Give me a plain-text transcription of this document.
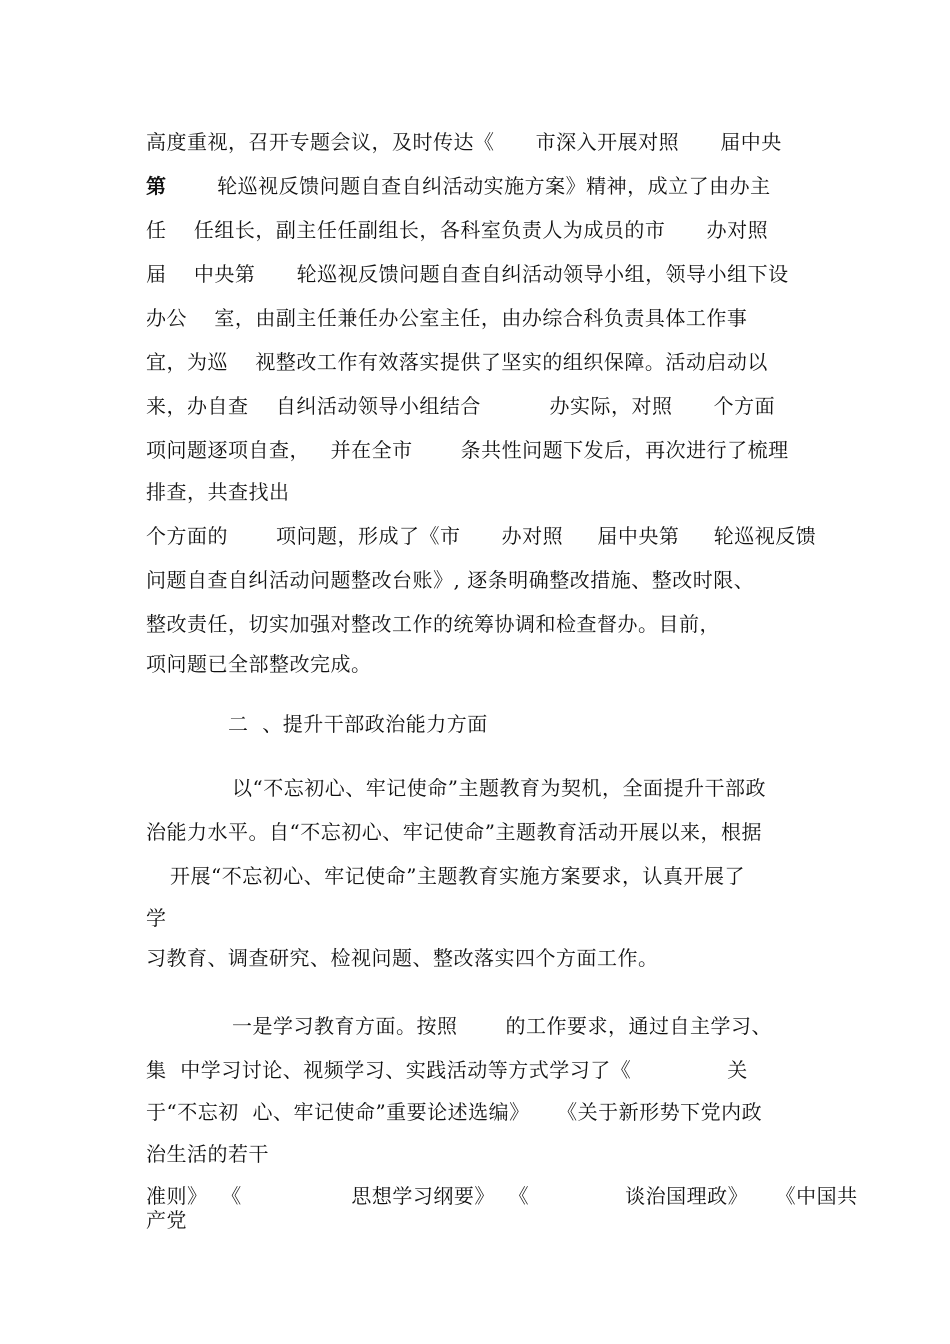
高度重视，召开专题会议，及时传达《      市深入开展对照      届中央
第 轮巡视反馈问题自查自纠活动实施方案》精神，成立了由办主
任    任组长，副主任任副组长，各科室负责人为成员的市      办对照
届    中央第      轮巡视反馈问题自查自纠活动领导小组，领导小组下设
办公    室，由副主任兼任办公室主任，由办综合科负责具体工作事
宜，为巡    视整改工作有效落实提供了坚实的组织保障。活动启动以
来，办自查    自纠活动领导小组结合          办实际，对照      个方面
项问题逐项自查，   并在全市       条共性问题下发后，再次进行了梳理
排查，共查找出
个方面的       项问题，形成了《市      办对照     届中央第     轮巡视反馈
问题自查自纠活动问题整改台账》, 逐条明确整改措施、整改时限、
整改责任，切实加强对整改工作的统筹协调和检查督办。目前，
项问题已全部整改完成。
二  、提升干部政治能力方面
以“不忘初心、牢记使命”主题教育为契机，全面提升干部政
治能力水平。自“不忘初心、牢记使命”主题教育活动开展以来，根据
开展“不忘初心、牢记使命”主题教育实施方案要求，认真开展了
学
习教育、调查研究、检视问题、整改落实四个方面工作。
一是学习教育方面。按照       的工作要求，通过自主学习、
集  中学习讨论、视频学习、实践活动等方式学习了《              关
于“不忘初  心、牢记使命”重要论述选编》    《关于新形势下党内政
治生活的若干
准则》  《                思想学习纲要》  《              谈治国理政》    《中国共
产党
